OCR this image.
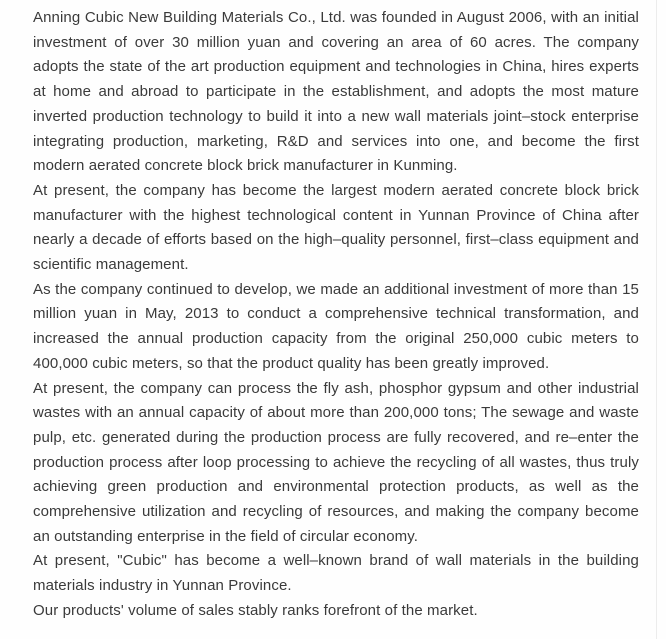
Anning Cubic New Building Materials Co., Ltd. was founded in August 2006, with an initial investment of over 30 million yuan and covering an area of 60 acres. The company adopts the state of the art production equipment and technologies in China, hires experts at home and abroad to participate in the establishment, and adopts the most mature inverted production technology to build it into a new wall materials joint–stock enterprise integrating production, marketing, R&D and services into one, and become the first modern aerated concrete block brick manufacturer in Kunming.

At present, the company has become the largest modern aerated concrete block brick manufacturer with the highest technological content in Yunnan Province of China after nearly a decade of efforts based on the high–quality personnel, first–class equipment and scientific management.

As the company continued to develop, we made an additional investment of more than 15 million yuan in May, 2013 to conduct a comprehensive technical transformation, and increased the annual production capacity from the original 250,000 cubic meters to 400,000 cubic meters, so that the product quality has been greatly improved.

At present, the company can process the fly ash, phosphor gypsum and other industrial wastes with an annual capacity of about more than 200,000 tons; The sewage and waste pulp, etc. generated during the production process are fully recovered, and re–enter the production process after loop processing to achieve the recycling of all wastes, thus truly achieving green production and environmental protection products, as well as the comprehensive utilization and recycling of resources, and making the company become an outstanding enterprise in the field of circular economy.

At present, "Cubic" has become a well–known brand of wall materials in the building materials industry in Yunnan Province.

Our products' volume of sales stably ranks forefront of the market.
